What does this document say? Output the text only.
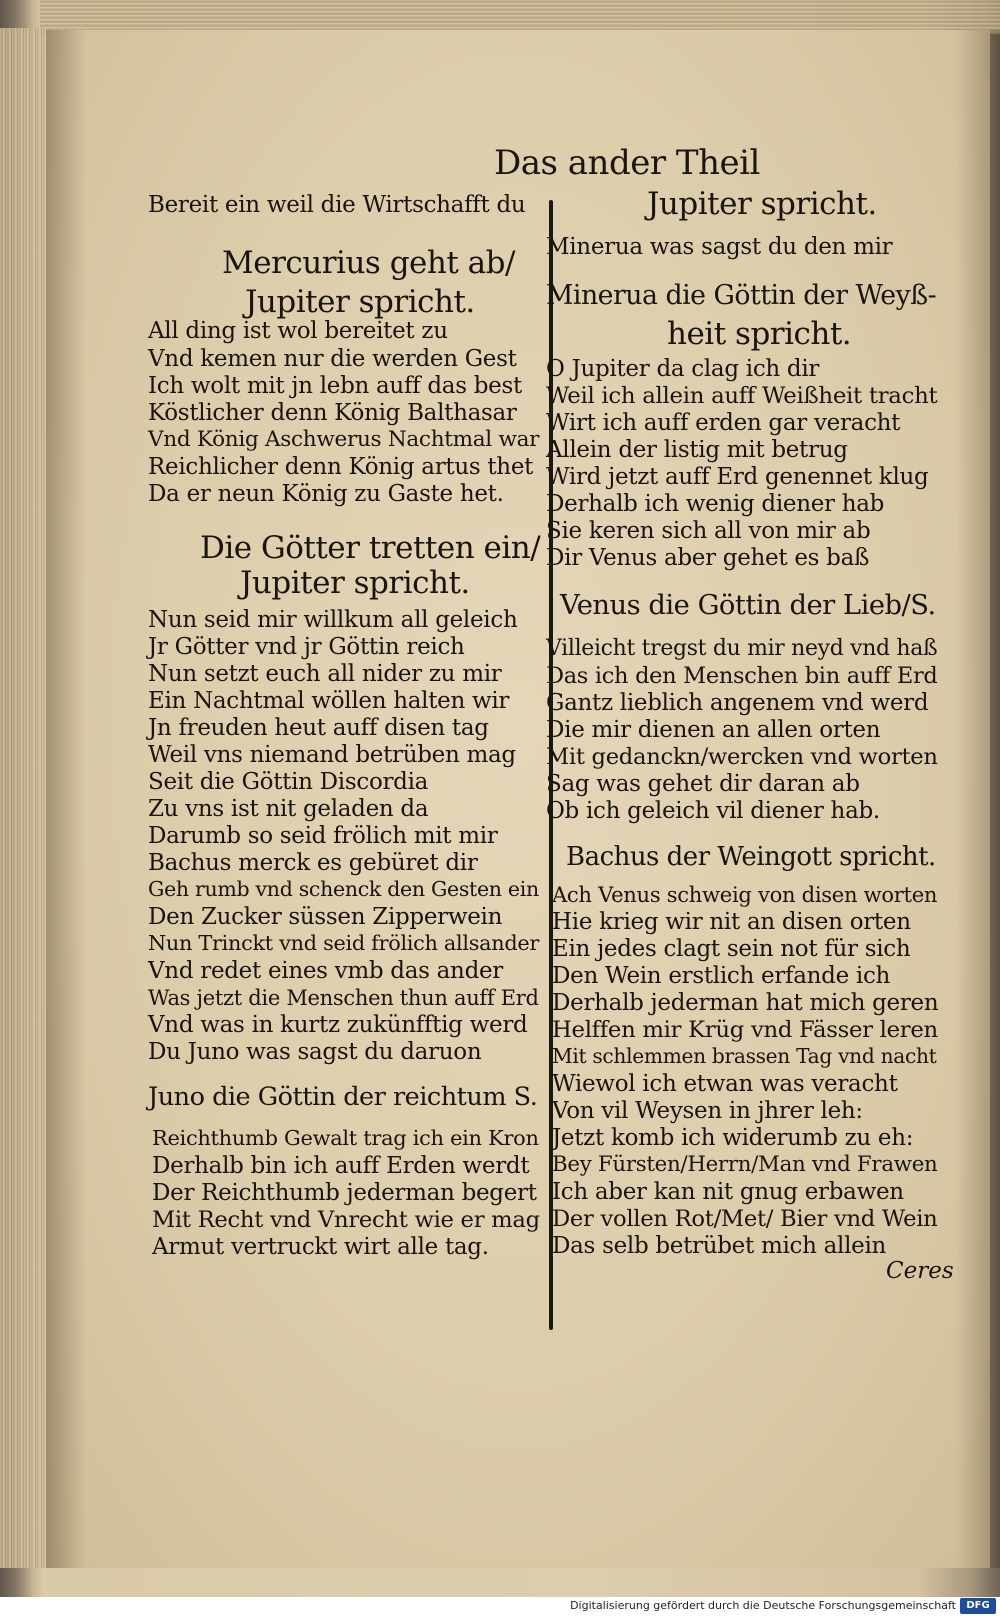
Das ander Theil
Bereit ein weil die Wirtschafft du
Mercurius geht ab/
Jupiter spricht.
All ding ist wol bereitet zu
Vnd kemen nur die werden Gest
Ich wolt mit jn lebn auff das best
Köstlicher denn König Balthasar
Vnd König Aschwerus Nachtmal war
Reichlicher denn König artus thet
Da er neun König zu Gaste het.
Die Götter tretten ein/
Jupiter spricht.
Nun seid mir willkum all geleich
Jr Götter vnd jr Göttin reich
Nun setzt euch all nider zu mir
Ein Nachtmal wöllen halten wir
Jn freuden heut auff disen tag
Weil vns niemand betrüben mag
Seit die Göttin Discordia
Zu vns ist nit geladen da
Darumb so seid frölich mit mir
Bachus merck es gebüret dir
Geh rumb vnd schenck den Gesten ein
Den Zucker süssen Zipperwein
Nun Trinckt vnd seid frölich allsander
Vnd redet eines vmb das ander
Was jetzt die Menschen thun auff Erd
Vnd was in kurtz zukünfftig werd
Du Juno was sagst du daruon
Juno die Göttin der reichtum S.
Reichthumb Gewalt trag ich ein Kron
Derhalb bin ich auff Erden werdt
Der Reichthumb jederman begert
Mit Recht vnd Vnrecht wie er mag
Armut vertruckt wirt alle tag.
Jupiter spricht.
Minerua was sagst du den mir
Minerua die Göttin der Weyß-
heit spricht.
O Jupiter da clag ich dir
Weil ich allein auff Weißheit tracht
Wirt ich auff erden gar veracht
Allein der listig mit betrug
Wird jetzt auff Erd genennet klug
Derhalb ich wenig diener hab
Sie keren sich all von mir ab
Dir Venus aber gehet es baß
Venus die Göttin der Lieb/S.
Villeicht tregst du mir neyd vnd haß
Das ich den Menschen bin auff Erd
Gantz lieblich angenem vnd werd
Die mir dienen an allen orten
Mit gedanckn/wercken vnd worten
Sag was gehet dir daran ab
Ob ich geleich vil diener hab.
Bachus der Weingott spricht.
Ach Venus schweig von disen worten
Hie krieg wir nit an disen orten
Ein jedes clagt sein not für sich
Den Wein erstlich erfande ich
Derhalb jederman hat mich geren
Helffen mir Krüg vnd Fässer leren
Mit schlemmen brassen Tag vnd nacht
Wiewol ich etwan was veracht
Von vil Weysen in jhrer leh:
Jetzt komb ich widerumb zu eh:
Bey Fürsten/Herrn/Man vnd Frawen
Ich aber kan nit gnug erbawen
Der vollen Rot/Met/ Bier vnd Wein
Das selb betrübet mich allein
Ceres
Digitalisierung gefördert durch die Deutsche Forschungsgemeinschaft	DFG
